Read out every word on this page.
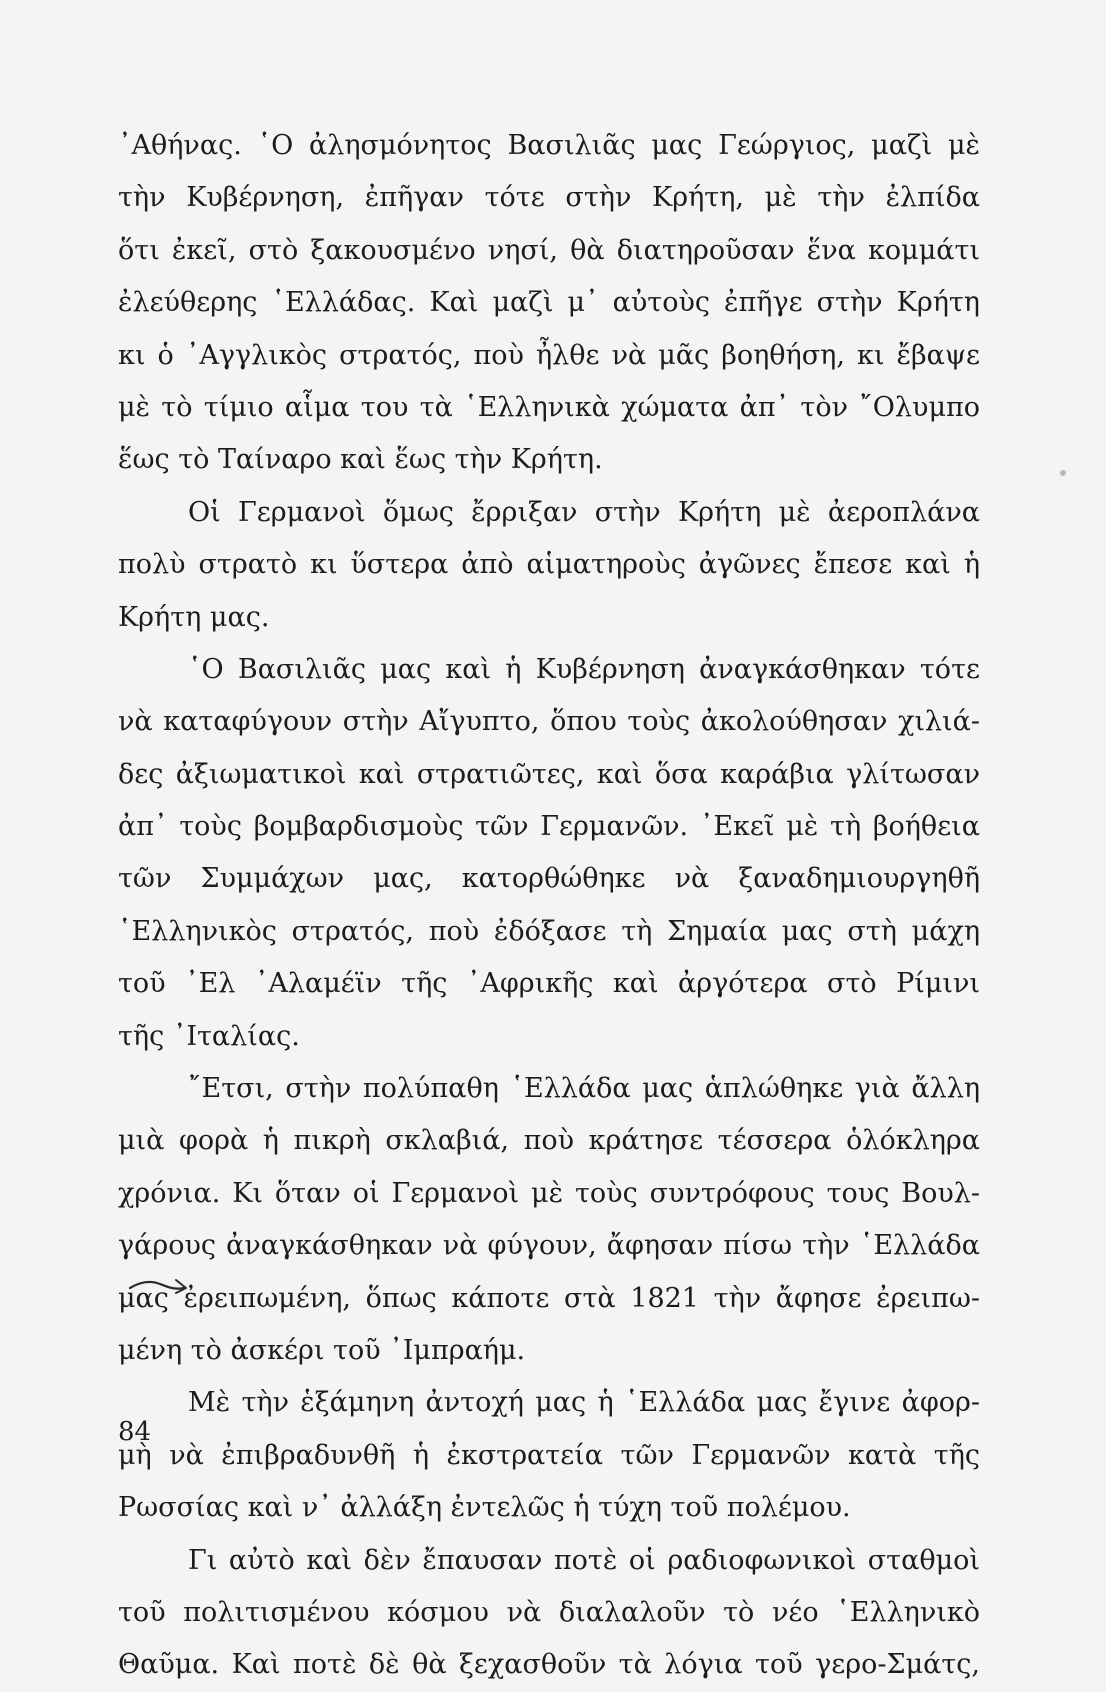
᾿Αθήνας. ῾Ο ἀλησμόνητος Βασιλιᾶς μας Γεώργιος, μαζὶ μὲ
τὴν Κυβέρνηση, ἐπῆγαν τότε στὴν Κρήτη, μὲ τὴν ἐλπίδα
ὅτι ἐκεῖ, στὸ ξακουσμένο νησί, θὰ διατηροῦσαν ἕνα κομμάτι
ἐλεύθερης ῾Ελλάδας. Καὶ μαζὶ μ᾿ αὐτοὺς ἐπῆγε στὴν Κρήτη
κι ὁ ᾿Αγγλικὸς στρατός, ποὺ ἦλθε νὰ μᾶς βοηθήση, κι ἔβαψε
μὲ τὸ τίμιο αἷμα του τὰ ῾Ελληνικὰ χώματα ἀπ᾿ τὸν ῎Ολυμπο
ἕως τὸ Ταίναρο καὶ ἕως τὴν Κρήτη.
Οἱ Γερμανοὶ ὅμως ἔρριξαν στὴν Κρήτη μὲ ἀεροπλάνα
πολὺ στρατὸ κι ὕστερα ἀπὸ αἱματηροὺς ἀγῶνες ἔπεσε καὶ ἡ
Κρήτη μας.
῾Ο Βασιλιᾶς μας καὶ ἡ Κυβέρνηση ἀναγκάσθηκαν τότε
νὰ καταφύγουν στὴν Αἴγυπτο, ὅπου τοὺς ἀκολούθησαν χιλιά-
δες ἀξιωματικοὶ καὶ στρατιῶτες, καὶ ὅσα καράβια γλίτωσαν
ἀπ᾿ τοὺς βομβαρδισμοὺς τῶν Γερμανῶν. ᾿Εκεῖ μὲ τὴ βοήθεια
τῶν Συμμάχων μας, κατορθώθηκε νὰ ξαναδημιουργηθῆ
῾Ελληνικὸς στρατός, ποὺ ἐδόξασε τὴ Σημαία μας στὴ μάχη
τοῦ ᾿Ελ ᾿Αλαμέϊν τῆς ᾿Αφρικῆς καὶ ἀργότερα στὸ Ρίμινι
τῆς ᾿Ιταλίας.
῎Ετσι, στὴν πολύπαθη ῾Ελλάδα μας ἁπλώθηκε γιὰ ἄλλη
μιὰ φορὰ ἡ πικρὴ σκλαβιά, ποὺ κράτησε τέσσερα ὁλόκληρα
χρόνια. Κι ὅταν οἱ Γερμανοὶ μὲ τοὺς συντρόφους τους Βουλ-
γάρους ἀναγκάσθηκαν νὰ φύγουν, ἄφησαν πίσω τὴν ῾Ελλάδα
μας ἐρειπωμένη, ὅπως κάποτε στὰ 1821 τὴν ἄφησε ἐρειπω-
μένη τὸ ἀσκέρι τοῦ ᾿Ιμπραήμ.
Μὲ τὴν ἑξάμηνη ἀντοχή μας ἡ ῾Ελλάδα μας ἔγινε ἀφορ-
μὴ νὰ ἐπιβραδυνθῆ ἡ ἐκστρατεία τῶν Γερμανῶν κατὰ τῆς
Ρωσσίας καὶ ν᾿ ἀλλάξη ἐντελῶς ἡ τύχη τοῦ πολέμου.
Γι αὐτὸ καὶ δὲν ἔπαυσαν ποτὲ οἱ ραδιοφωνικοὶ σταθμοὶ
τοῦ πολιτισμένου κόσμου νὰ διαλαλοῦν τὸ νέο ῾Ελληνικὸ
Θαῦμα. Καὶ ποτὲ δὲ θὰ ξεχασθοῦν τὰ λόγια τοῦ γερο-Σμάτς,
84
